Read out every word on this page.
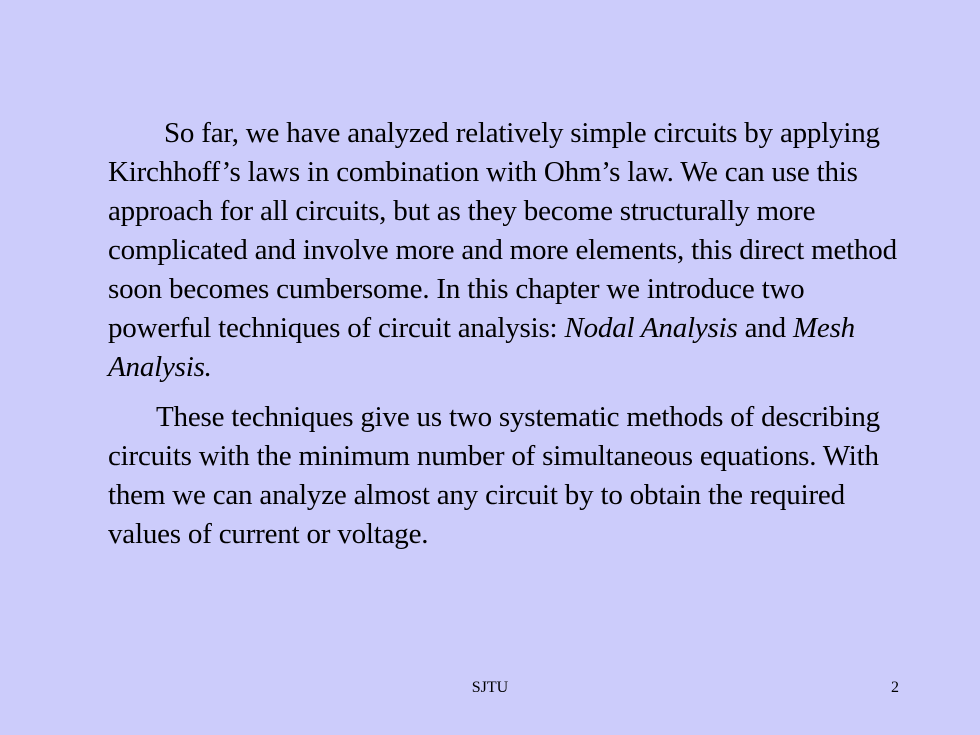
So far, we have analyzed relatively simple circuits by applying Kirchhoff’s laws in combination with Ohm’s law. We can use this approach for all circuits, but as they become structurally more complicated and involve more and more elements, this direct method soon becomes cumbersome. In this chapter we introduce two powerful techniques of circuit analysis: Nodal Analysis and Mesh Analysis.

These techniques give us two systematic methods of describing circuits with the minimum number of simultaneous equations. With them we can analyze almost any circuit by to obtain the required values of current or voltage.

SJTU	2
